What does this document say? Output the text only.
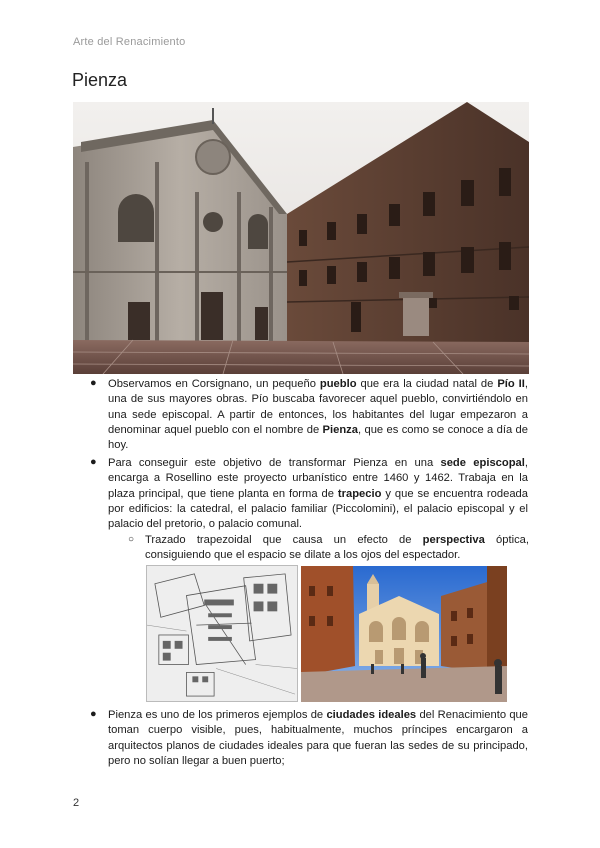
Arte del Renacimiento
Pienza
● Observamos en Corsignano, un pequeño pueblo que era la ciudad natal de Pío II, una de sus mayores obras. Pío buscaba favorecer aquel pueblo, convirtiéndolo en una sede episcopal. A partir de entonces, los habitantes del lugar empezaron a denominar aquel pueblo con el nombre de Pienza, que es como se conoce a día de hoy.
● Para conseguir este objetivo de transformar Pienza en una sede episcopal, encarga a Rosellino este proyecto urbanístico entre 1460 y 1462. Trabaja en la plaza principal, que tiene planta en forma de trapecio y que se encuentra rodeada por edificios: la catedral, el palacio familiar (Piccolomini), el palacio episcopal y el palacio del pretorio, o palacio comunal.
○ Trazado trapezoidal que causa un efecto de perspectiva óptica, consiguiendo que el espacio se dilate a los ojos del espectador.
● Pienza es uno de los primeros ejemplos de ciudades ideales del Renacimiento que toman cuerpo visible, pues, habitualmente, muchos príncipes encargaron a arquitectos planos de ciudades ideales para que fueran las sedes de su principado, pero no solían llegar a buen puerto;
2
